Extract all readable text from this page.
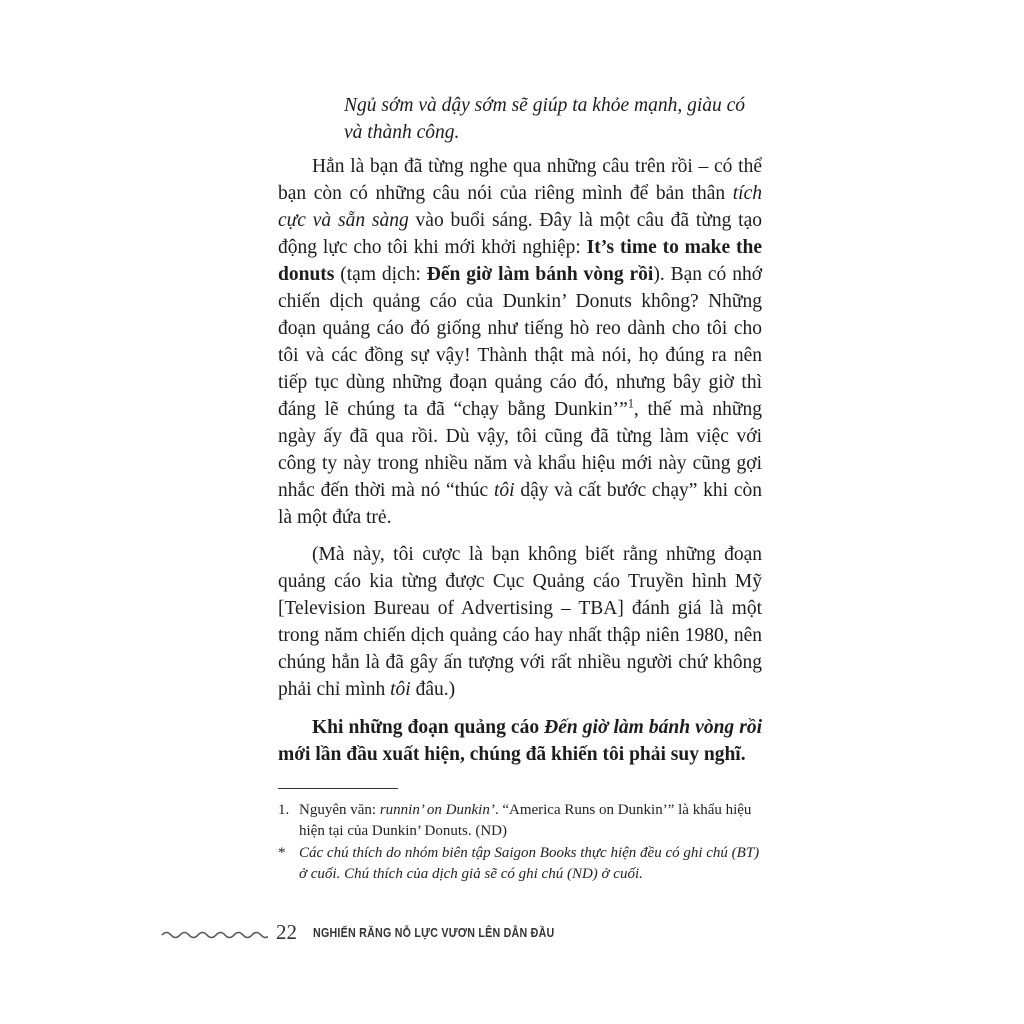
Ngủ sớm và dậy sớm sẽ giúp ta khỏe mạnh, giàu có và thành công.

Hẳn là bạn đã từng nghe qua những câu trên rồi – có thể bạn còn có những câu nói của riêng mình để bản thân tích cực và sẵn sàng vào buổi sáng. Đây là một câu đã từng tạo động lực cho tôi khi mới khởi nghiệp: It’s time to make the donuts (tạm dịch: Đến giờ làm bánh vòng rồi). Bạn có nhớ chiến dịch quảng cáo của Dunkin’ Donuts không? Những đoạn quảng cáo đó giống như tiếng hò reo dành cho tôi cho tôi và các đồng sự vậy! Thành thật mà nói, họ đúng ra nên tiếp tục dùng những đoạn quảng cáo đó, nhưng bây giờ thì đáng lẽ chúng ta đã “chạy bằng Dunkin’”$^1$, thế mà những ngày ấy đã qua rồi. Dù vậy, tôi cũng đã từng làm việc với công ty này trong nhiều năm và khẩu hiệu mới này cũng gợi nhắc đến thời mà nó “thúc tôi dậy và cất bước chạy” khi còn là một đứa trẻ.

(Mà này, tôi cược là bạn không biết rằng những đoạn quảng cáo kia từng được Cục Quảng cáo Truyền hình Mỹ [Television Bureau of Advertising – TBA] đánh giá là một trong năm chiến dịch quảng cáo hay nhất thập niên 1980, nên chúng hẳn là đã gây ấn tượng với rất nhiều người chứ không phải chỉ mình tôi đâu.)

Khi những đoạn quảng cáo Đến giờ làm bánh vòng rồi mới lần đầu xuất hiện, chúng đã khiến tôi phải suy nghĩ.

1. Nguyên văn: runnin’ on Dunkin’. “America Runs on Dunkin’” là khẩu hiệu hiện tại của Dunkin’ Donuts. (ND)
* Các chú thích do nhóm biên tập Saigon Books thực hiện đều có ghi chú (BT) ở cuối. Chú thích của dịch giả sẽ có ghi chú (ND) ở cuối.
22 NGHIẾN RĂNG NỖ LỰC VƯƠN LÊN DẪN ĐẦU
